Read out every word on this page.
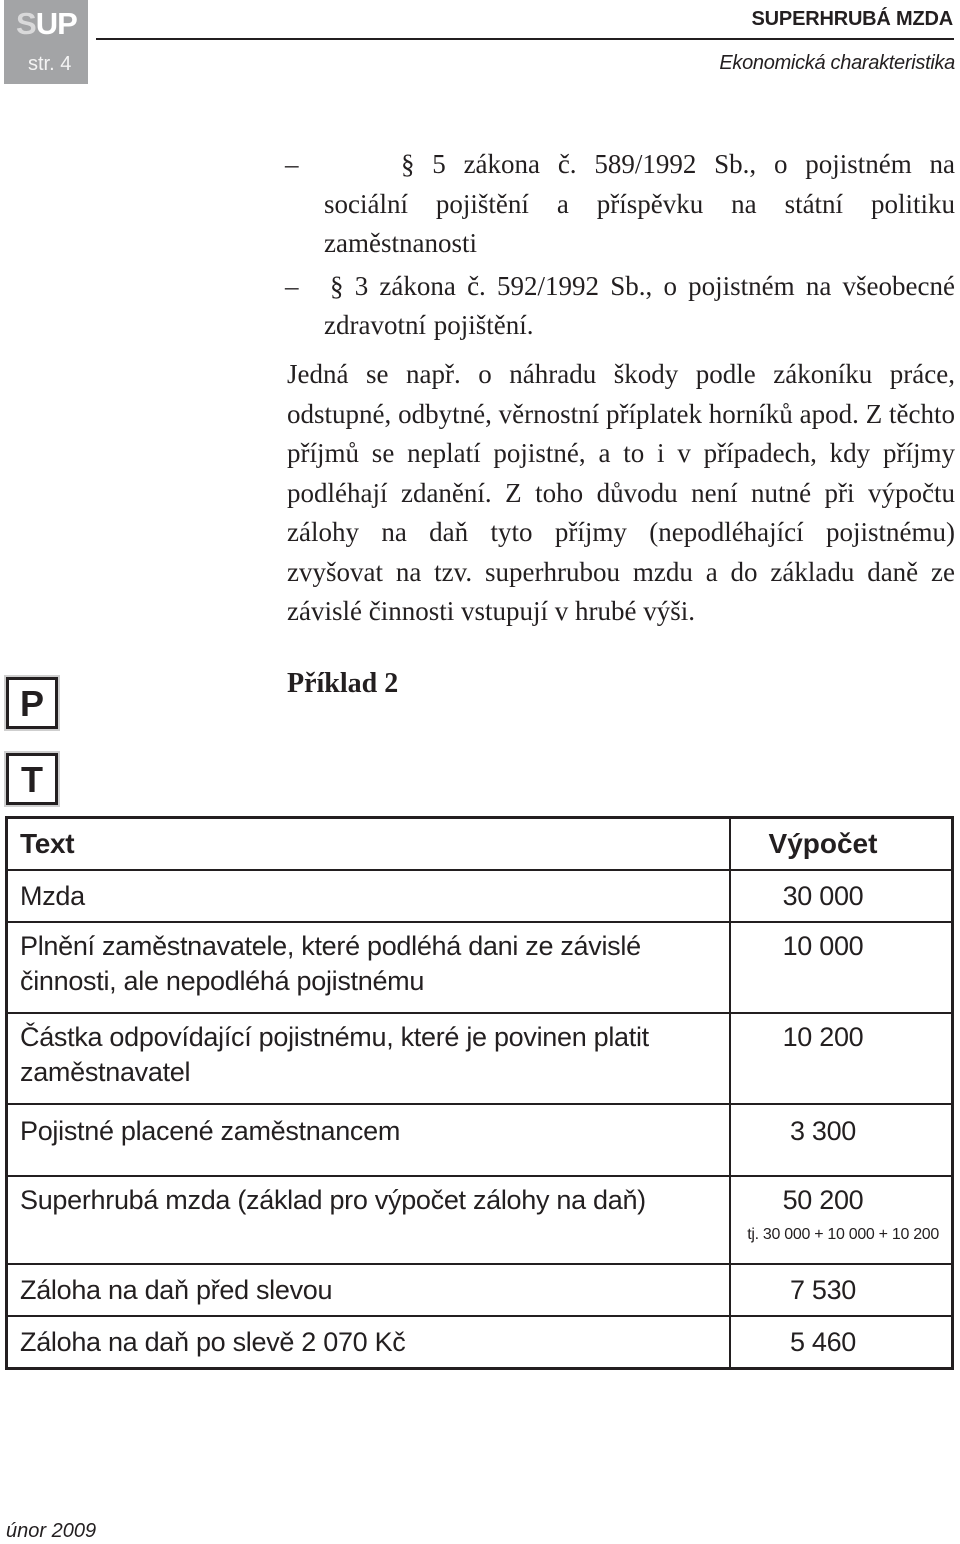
SUP
str. 4
SUPERHRUBÁ MZDA
Ekonomická charakteristika
–	§ 5 zákona č. 589/1992 Sb., o pojistném na sociální pojištění a příspěvku na státní politiku zaměstnanosti
– § 3 zákona č. 592/1992 Sb., o pojistném na všeobecné zdravotní pojištění.

Jedná se např. o náhradu škody podle zákoníku práce, odstupné, odbytné, věrnostní příplatek horníků apod. Z těchto příjmů se neplatí pojistné, a to i v případech, kdy příjmy podléhají zdanění. Z toho důvodu není nutné při výpočtu zálohy na daň tyto příjmy (nepodléhající pojistnému) zvyšovat na tzv. superhrubou mzdu a do základu daně ze závislé činnosti vstupují v hrubé výši.

P	Příklad 2
T
Text	Výpočet
Mzda	30 000
Plnění zaměstnavatele, které podléhá dani ze závislé činnosti, ale nepodléhá pojistnému	10 000
Částka odpovídající pojistnému, které je povinen platit zaměstnavatel	10 200
Pojistné placené zaměstnancem	3 300
Superhrubá mzda (základ pro výpočet zálohy na daň)	50 200
tj. 30 000 + 10 000 + 10 200

Záloha na daň před slevou	7 530
Záloha na daň po slevě 2 070 Kč	5 460
únor 2009
